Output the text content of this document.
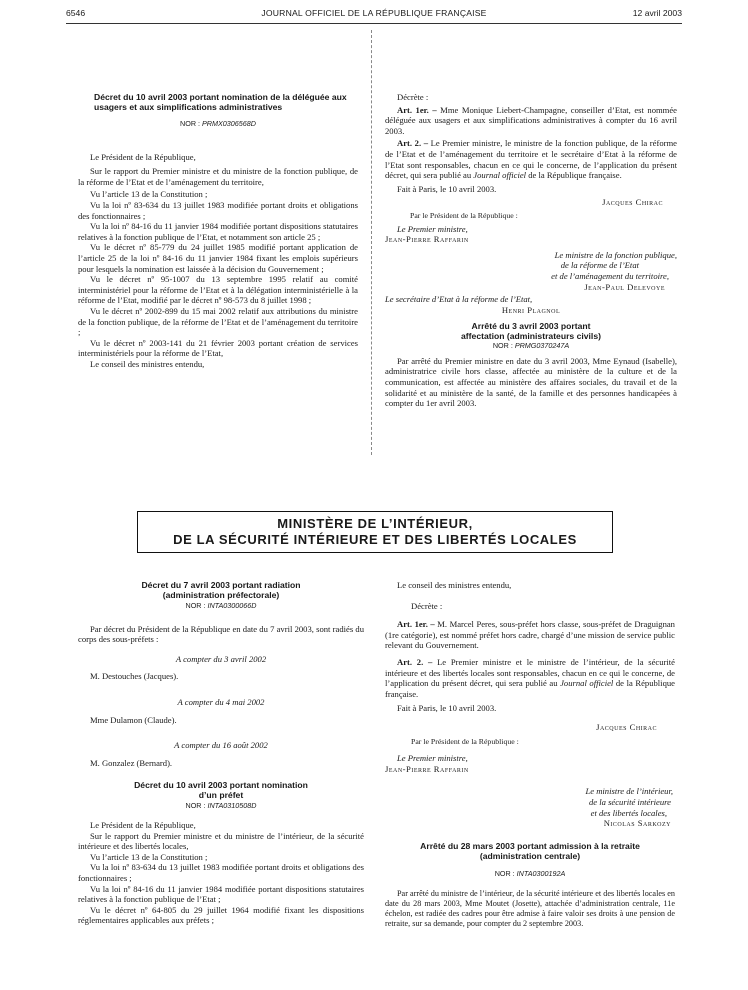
6546	JOURNAL OFFICIEL DE LA RÉPUBLIQUE FRANÇAISE	12 avril 2003

Décret du 10 avril 2003 portant nomination de la déléguée aux usagers et aux simplifications administratives

NOR : PRMX0306568D

Le Président de la République,

Sur le rapport du Premier ministre et du ministre de la fonction publique, de la réforme de l’Etat et de l’aménagement du territoire,

Vu l’article 13 de la Constitution ;

Vu la loi nº 83-634 du 13 juillet 1983 modifiée portant droits et obligations des fonctionnaires ;

Vu la loi nº 84-16 du 11 janvier 1984 modifiée portant dispositions statutaires relatives à la fonction publique de l’Etat, et notamment son article 25 ;

Vu le décret nº 85-779 du 24 juillet 1985 modifié portant application de l’article 25 de la loi nº 84-16 du 11 janvier 1984 fixant les emplois supérieurs pour lesquels la nomination est laissée à la décision du Gouvernement ;

Vu le décret nº 95-1007 du 13 septembre 1995 relatif au comité interministériel pour la réforme de l’Etat et à la délégation interministérielle à la réforme de l’Etat, modifié par le décret nº 98-573 du 8 juillet 1998 ;

Vu le décret nº 2002-899 du 15 mai 2002 relatif aux attributions du ministre de la fonction publique, de la réforme de l’Etat et de l’aménagement du territoire ;

Vu le décret nº 2003-141 du 21 février 2003 portant création de services interministériels pour la réforme de l’Etat,

Le conseil des ministres entendu,

Décrète :

Art. 1er. – Mme Monique Liebert-Champagne, conseiller d’Etat, est nommée déléguée aux usagers et aux simplifications administratives à compter du 16 avril 2003.

Art. 2. – Le Premier ministre, le ministre de la fonction publique, de la réforme de l’Etat et de l’aménagement du territoire et le secrétaire d’Etat à la réforme de l’Etat sont responsables, chacun en ce qui le concerne, de l’application du présent décret, qui sera publié au Journal officiel de la République française.

Fait à Paris, le 10 avril 2003.

Jacques Chirac

Par le Président de la République :

Le Premier ministre,

Jean-Pierre Raffarin

Le ministre de la fonction publique,

de la réforme de l’Etat

et de l’aménagement du territoire,

Jean-Paul Delevoye

Le secrétaire d’Etat à la réforme de l’Etat,

Henri Plagnol

Arrêté du 3 avril 2003 portant affectation (administrateurs civils)

NOR : PRMG0370247A

Par arrêté du Premier ministre en date du 3 avril 2003, Mme Eynaud (Isabelle), administratrice civile hors classe, affectée au ministère de la culture et de la communication, est affectée au ministère des affaires sociales, du travail et de la solidarité et au ministère de la santé, de la famille et des personnes handicapées à compter du 1er avril 2003.

MINISTÈRE DE L’INTÉRIEUR,
DE LA SÉCURITÉ INTÉRIEURE ET DES LIBERTÉS LOCALES

Décret du 7 avril 2003 portant radiation (administration préfectorale)

NOR : INTA0300066D

Par décret du Président de la République en date du 7 avril 2003, sont radiés du corps des sous-préfets :

A compter du 3 avril 2002

M. Destouches (Jacques).

A compter du 4 mai 2002

Mme Dulamon (Claude).

A compter du 16 août 2002

M. Gonzalez (Bernard).

Décret du 10 avril 2003 portant nomination d’un préfet

NOR : INTA0310508D

Le Président de la République,

Sur le rapport du Premier ministre et du ministre de l’intérieur, de la sécurité intérieure et des libertés locales,

Vu l’article 13 de la Constitution ;

Vu la loi nº 83-634 du 13 juillet 1983 modifiée portant droits et obligations des fonctionnaires ;

Vu la loi nº 84-16 du 11 janvier 1984 modifiée portant dispositions statutaires relatives à la fonction publique de l’Etat ;

Vu le décret nº 64-805 du 29 juillet 1964 modifié fixant les dispositions réglementaires applicables aux préfets ;

Le conseil des ministres entendu,

Décrète :

Art. 1er. – M. Marcel Peres, sous-préfet hors classe, sous-préfet de Draguignan (1re catégorie), est nommé préfet hors cadre, chargé d’une mission de service public relevant du Gouvernement.

Art. 2. – Le Premier ministre et le ministre de l’intérieur, de la sécurité intérieure et des libertés locales sont responsables, chacun en ce qui le concerne, de l’application du présent décret, qui sera publié au Journal officiel de la République française.

Fait à Paris, le 10 avril 2003.

Jacques Chirac

Par le Président de la République :

Le Premier ministre,

Jean-Pierre Raffarin

Le ministre de l’intérieur,

de la sécurité intérieure

et des libertés locales,

Nicolas Sarkozy

Arrêté du 28 mars 2003 portant admission à la retraite (administration centrale)

NOR : INTA0300192A

Par arrêté du ministre de l’intérieur, de la sécurité intérieure et des libertés locales en date du 28 mars 2003, Mme Moutet (Josette), attachée d’administration centrale, 11e échelon, est radiée des cadres pour être admise à faire valoir ses droits à une pension de retraite, sur sa demande, pour compter du 2 septembre 2003.
